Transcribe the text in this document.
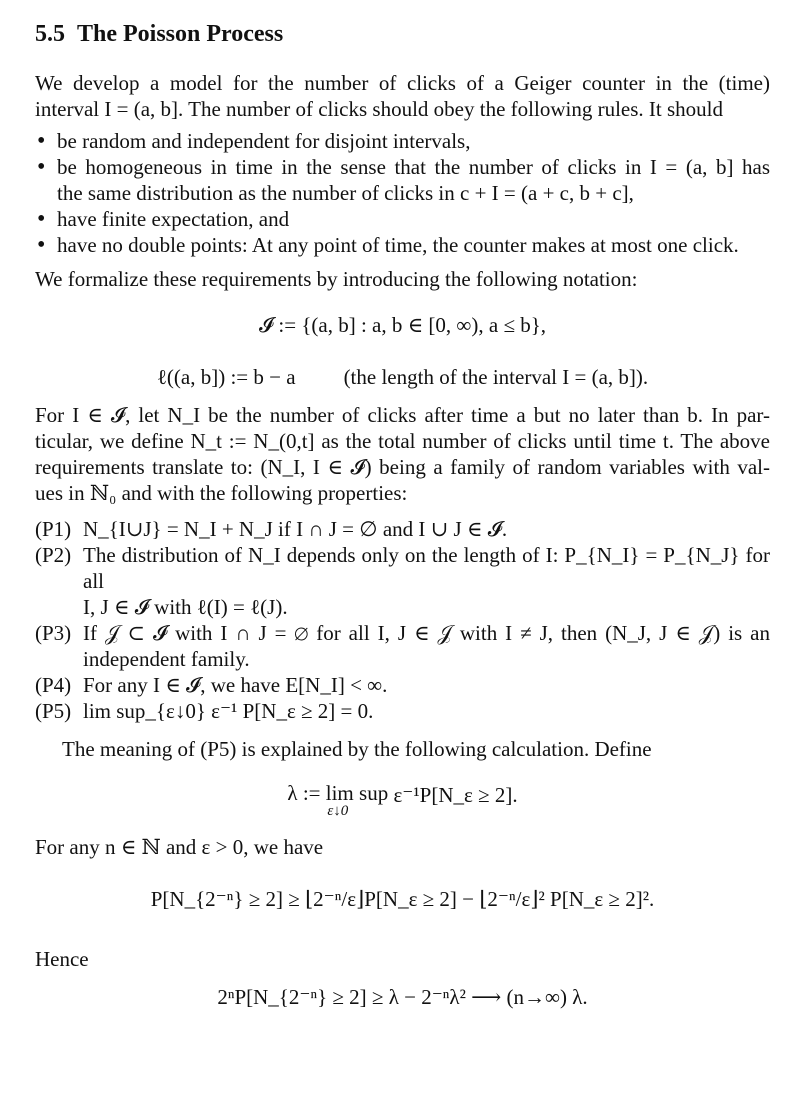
5.5 The Poisson Process

We develop a model for the number of clicks of a Geiger counter in the (time)
interval I = (a, b]. The number of clicks should obey the following rules. It should

• be random and independent for disjoint intervals,
• be homogeneous in time in the sense that the number of clicks in I = (a, b] has
the same distribution as the number of clicks in c + I = (a + c, b + c],
• have finite expectation, and
• have no double points: At any point of time, the counter makes at most one click.

We formalize these requirements by introducing the following notation:

𝓘 := {(a, b] : a, b ∈ [0, ∞), a ≤ b},
ℓ((a, b]) := b − a (the length of the interval I = (a, b]).

For I ∈ 𝓘, let N_I be the number of clicks after time a but no later than b. In par-
ticular, we define N_t := N_(0,t] as the total number of clicks until time t. The above
requirements translate to: (N_I, I ∈ 𝓘) being a family of random variables with val-
ues in ℕ₀ and with the following properties:

(P1) N_{I∪J} = N_I + N_J if I ∩ J = ∅ and I ∪ J ∈ 𝓘.
(P2) The distribution of N_I depends only on the length of I: P_{N_I} = P_{N_J} for all
I, J ∈ 𝓘 with ℓ(I) = ℓ(J).
(P3) If 𝒥 ⊂ 𝓘 with I ∩ J = ∅ for all I, J ∈ 𝒥 with I ≠ J, then (N_J, J ∈ 𝒥) is an
independent family.
(P4) For any I ∈ 𝓘, we have E[N_I] < ∞.
(P5) lim sup_{ε↓0} ε⁻¹ P[N_ε ≥ 2] = 0.

The meaning of (P5) is explained by the following calculation. Define

λ := lim sup
ε↓0
ε⁻¹P[N_ε ≥ 2].

For any n ∈ ℕ and ε > 0, we have

P[N_{2⁻ⁿ} ≥ 2] ≥ ⌊2⁻ⁿ/ε⌋P[N_ε ≥ 2] − ⌊2⁻ⁿ/ε⌋² P[N_ε ≥ 2]².

Hence

2ⁿP[N_{2⁻ⁿ} ≥ 2] ≥ λ − 2⁻ⁿλ² ⟶ (n→∞) λ.
